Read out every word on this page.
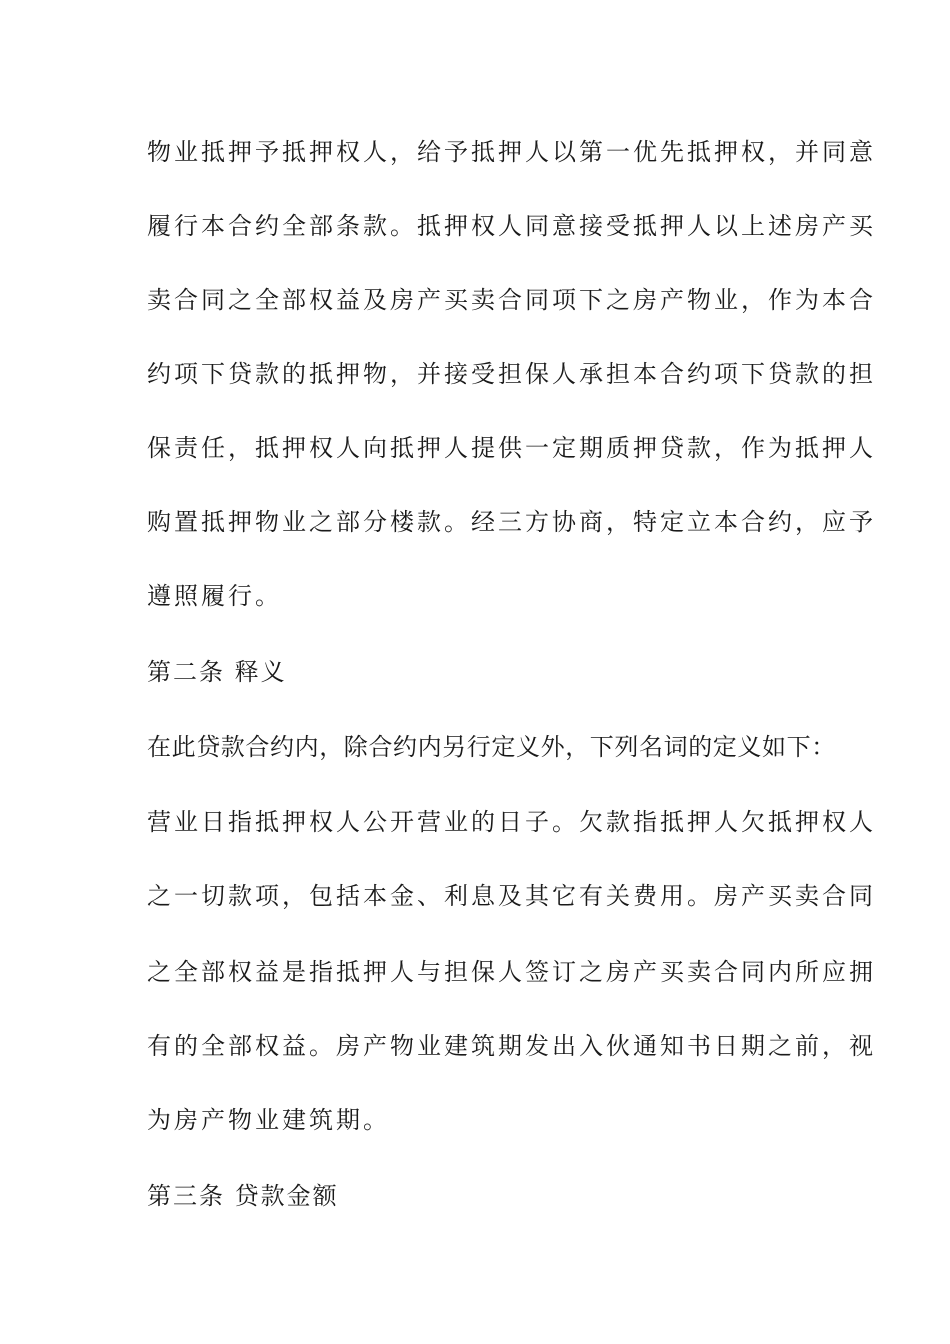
物业抵押予抵押权人，给予抵押人以第一优先抵押权，并同意
履行本合约全部条款。抵押权人同意接受抵押人以上述房产买
卖合同之全部权益及房产买卖合同项下之房产物业，作为本合
约项下贷款的抵押物，并接受担保人承担本合约项下贷款的担
保责任，抵押权人向抵押人提供一定期质押贷款，作为抵押人
购置抵押物业之部分楼款。经三方协商，特定立本合约，应予
遵照履行。
第二条 释义
在此贷款合约内，除合约内另行定义外，下列名词的定义如下：
营业日指抵押权人公开营业的日子。欠款指抵押人欠抵押权人
之一切款项，包括本金、利息及其它有关费用。房产买卖合同
之全部权益是指抵押人与担保人签订之房产买卖合同内所应拥
有的全部权益。房产物业建筑期发出入伙通知书日期之前，视
为房产物业建筑期。
第三条 贷款金额
